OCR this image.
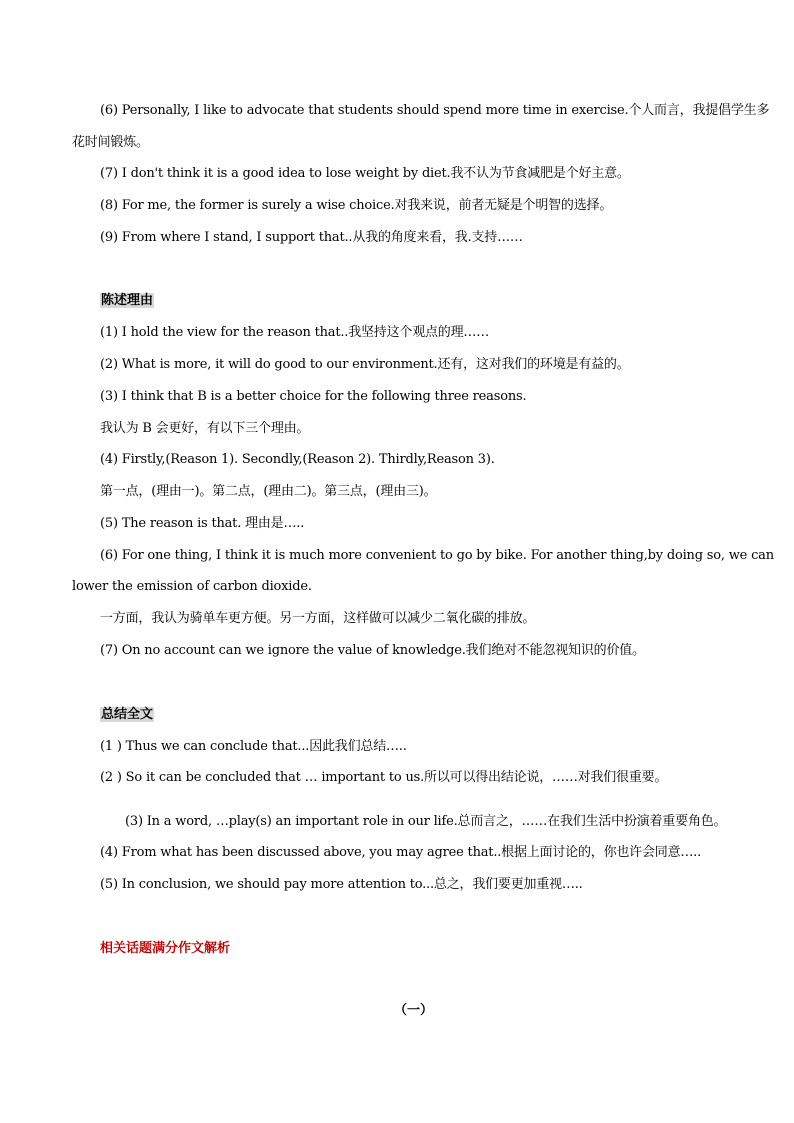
(6) Personally, I like to advocate that students should spend more time in exercise.个人而言，我提倡学生多
花时间锻炼。
(7) I don't think it is a good idea to lose weight by diet.我不认为节食减肥是个好主意。
(8) For me, the former is surely a wise choice.对我来说，前者无疑是个明智的选择。
(9) From where I stand, I support that..从我的角度来看，我.支持……
陈述理由
(1) I hold the view for the reason that..我坚持这个观点的理……
(2) What is more, it will do good to our environment.还有，这对我们的环境是有益的。
(3) I think that B is a better choice for the following three reasons.
我认为 B 会更好，有以下三个理由。
(4) Firstly,(Reason 1). Secondly,(Reason 2). Thirdly,Reason 3).
第一点，(理由一)。第二点，(理由二)。第三点，(理由三)。
(5) The reason is that. 理由是…..
(6) For one thing, I think it is much more convenient to go by bike. For another thing,by doing so, we can
lower the emission of carbon dioxide.
一方面，我认为骑单车更方便。另一方面，这样做可以减少二氧化碳的排放。
(7) On no account can we ignore the value of knowledge.我们绝对不能忽视知识的价值。
总结全文
(1 ) Thus we can conclude that...因此我们总结…..
(2 ) So it can be concluded that … important to us.所以可以得出结论说，……对我们很重要。
(3) In a word, …play(s) an important role in our life.总而言之，……在我们生活中扮演着重要角色。
(4) From what has been discussed above, you may agree that..根据上面讨论的，你也许会同意…..
(5) In conclusion, we should pay more attention to...总之，我们要更加重视…..
相关话题满分作文解析
（一）
